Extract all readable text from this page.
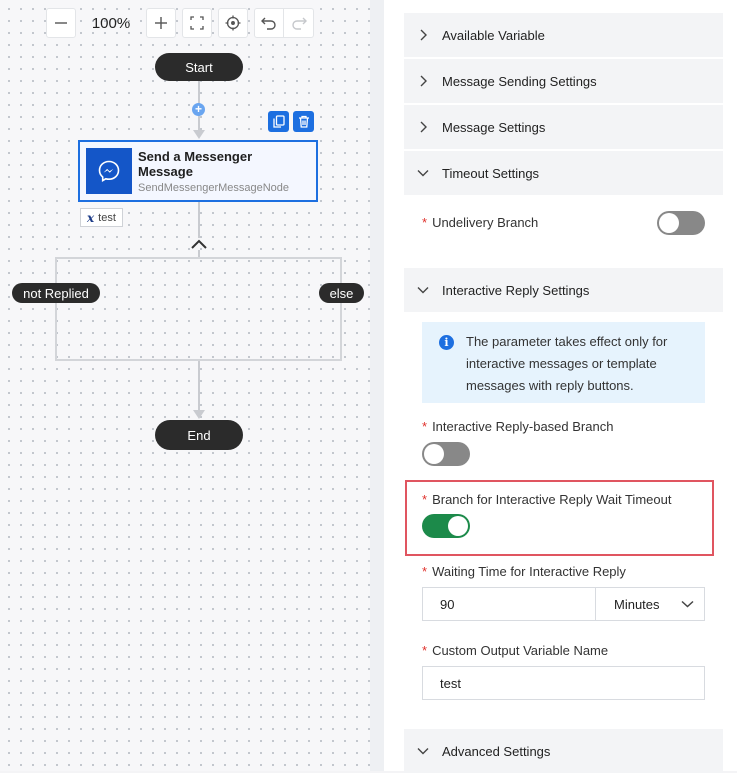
100%
Start
+
Send a Messenger Message
SendMessengerMessageNode
x test
not Replied	else
End
Available Variable
Message Sending Settings
Message Settings
Timeout Settings
* Undelivery Branch
Interactive Reply Settings
i	The parameter takes effect only for interactive messages or template messages with reply buttons.
* Interactive Reply-based Branch
* Branch for Interactive Reply Wait Timeout
* Waiting Time for Interactive Reply
90	Minutes
* Custom Output Variable Name
test
Advanced Settings
